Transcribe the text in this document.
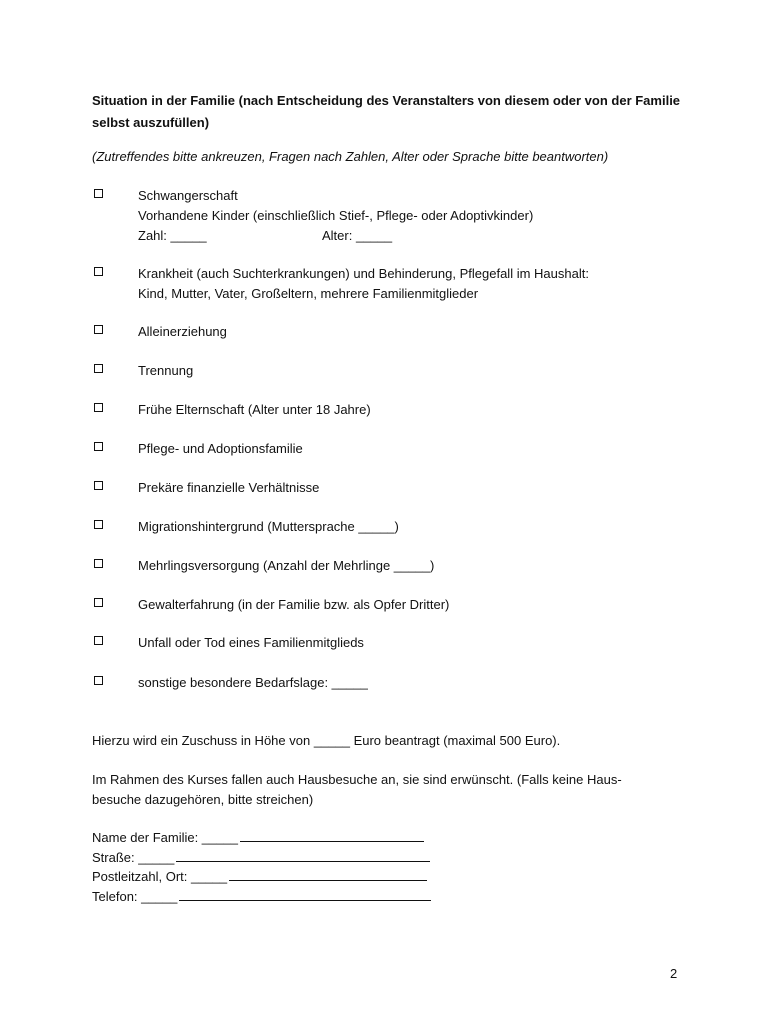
Situation in der Familie (nach Entscheidung des Veranstalters von diesem oder von der Familie selbst auszufüllen)
(Zutreffendes bitte ankreuzen, Fragen nach Zahlen, Alter oder Sprache bitte beantworten)
Schwangerschaft
Vorhandene Kinder (einschließlich Stief-, Pflege- oder Adoptivkinder)
Zahl: _____	Alter: _____
Krankheit (auch Suchterkrankungen) und Behinderung, Pflegefall im Haushalt:
Kind, Mutter, Vater, Großeltern, mehrere Familienmitglieder
Alleinerziehung
Trennung
Frühe Elternschaft (Alter unter 18 Jahre)
Pflege- und Adoptionsfamilie
Prekäre finanzielle Verhältnisse
Migrationshintergrund (Muttersprache _____)
Mehrlingsversorgung (Anzahl der Mehrlinge _____)
Gewalterfahrung (in der Familie bzw. als Opfer Dritter)
Unfall oder Tod eines Familienmitglieds
sonstige besondere Bedarfslage: _____
Hierzu wird ein Zuschuss in Höhe von _____ Euro beantragt (maximal 500 Euro).
Im Rahmen des Kurses fallen auch Hausbesuche an, sie sind erwünscht. (Falls keine Haus-
besuche dazugehören, bitte streichen)
Name der Familie: _____
Straße: _____
Postleitzahl, Ort: _____
Telefon: _____
2
